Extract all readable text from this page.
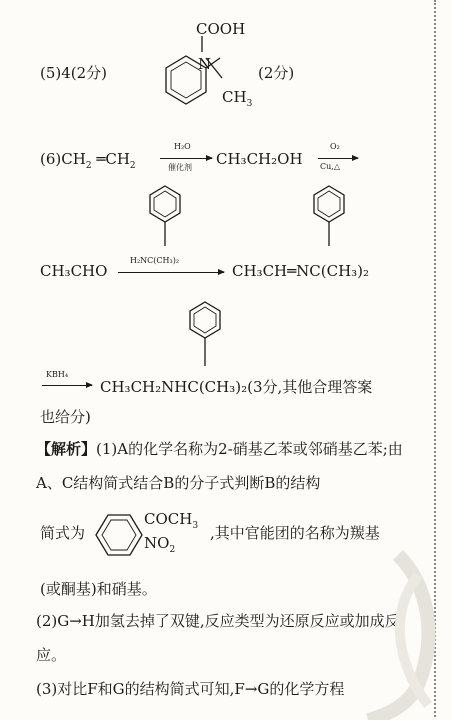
(5)4(2分)
COOH
N
$CH_3$
(2分)
$(6)CH_2$ $═CH_2$
H₂O
催化剂 CH₃CH₂OH
O₂
Cu,△
CH₃CHO
H₂NC(CH₃)₂
CH₃CH═NC(CH₃)₂
KBH₄
→ CH₃CH₂NHC(CH₃)₂(3分,其他合理答案
也给分)
【解析】(1)A的化学名称为2-硝基乙苯或邻硝基乙苯;由A、C结构简式结合B的分子式判断B的结构
简式为
$COCH_3$
$NO_2$
,其中官能团的名称为羰基
(或酮基)和硝基。
(2)G→H加氢去掉了双键,反应类型为还原反应或加成反应。
(3)对比F和G的结构简式可知,F→G的化学方程
